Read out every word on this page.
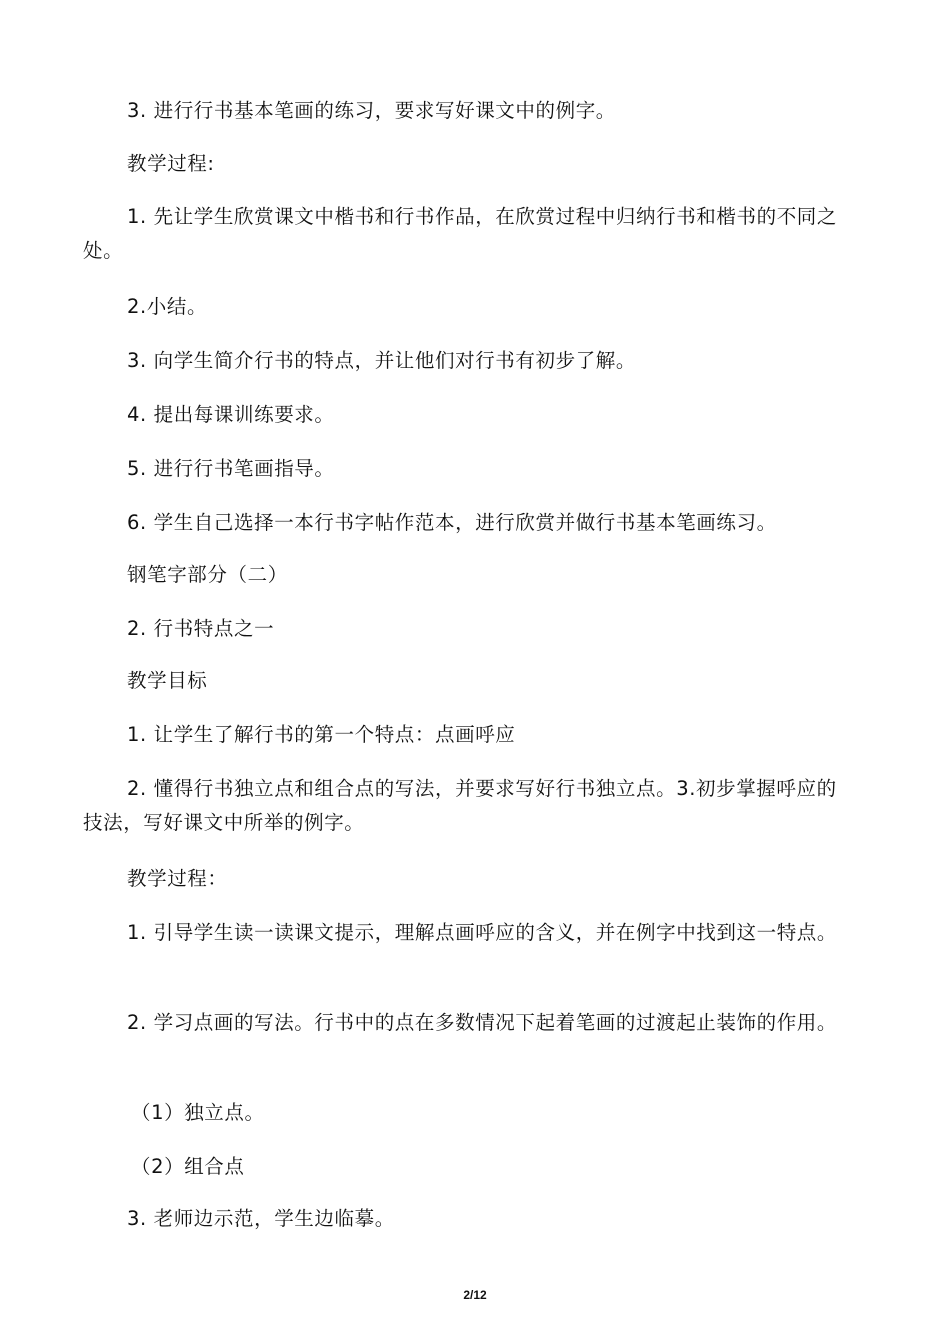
3. 进行行书基本笔画的练习，要求写好课文中的例字。

教学过程:

1. 先让学生欣赏课文中楷书和行书作品，在欣赏过程中归纳行书和楷书的不同之处。

2.小结。

3. 向学生简介行书的特点，并让他们对行书有初步了解。

4. 提出每课训练要求。

5. 进行行书笔画指导。

6. 学生自己选择一本行书字帖作范本，进行欣赏并做行书基本笔画练习。

钢笔字部分（二）

2. 行书特点之一

教学目标

1. 让学生了解行书的第一个特点：点画呼应

2. 懂得行书独立点和组合点的写法，并要求写好行书独立点。3.初步掌握呼应的技法，写好课文中所举的例字。

教学过程：

1. 引导学生读一读课文提示，理解点画呼应的含义，并在例字中找到这一特点。

2. 学习点画的写法。行书中的点在多数情况下起着笔画的过渡起止装饰的作用。

（1）独立点。

（2）组合点

3. 老师边示范，学生边临摹。

2/12
